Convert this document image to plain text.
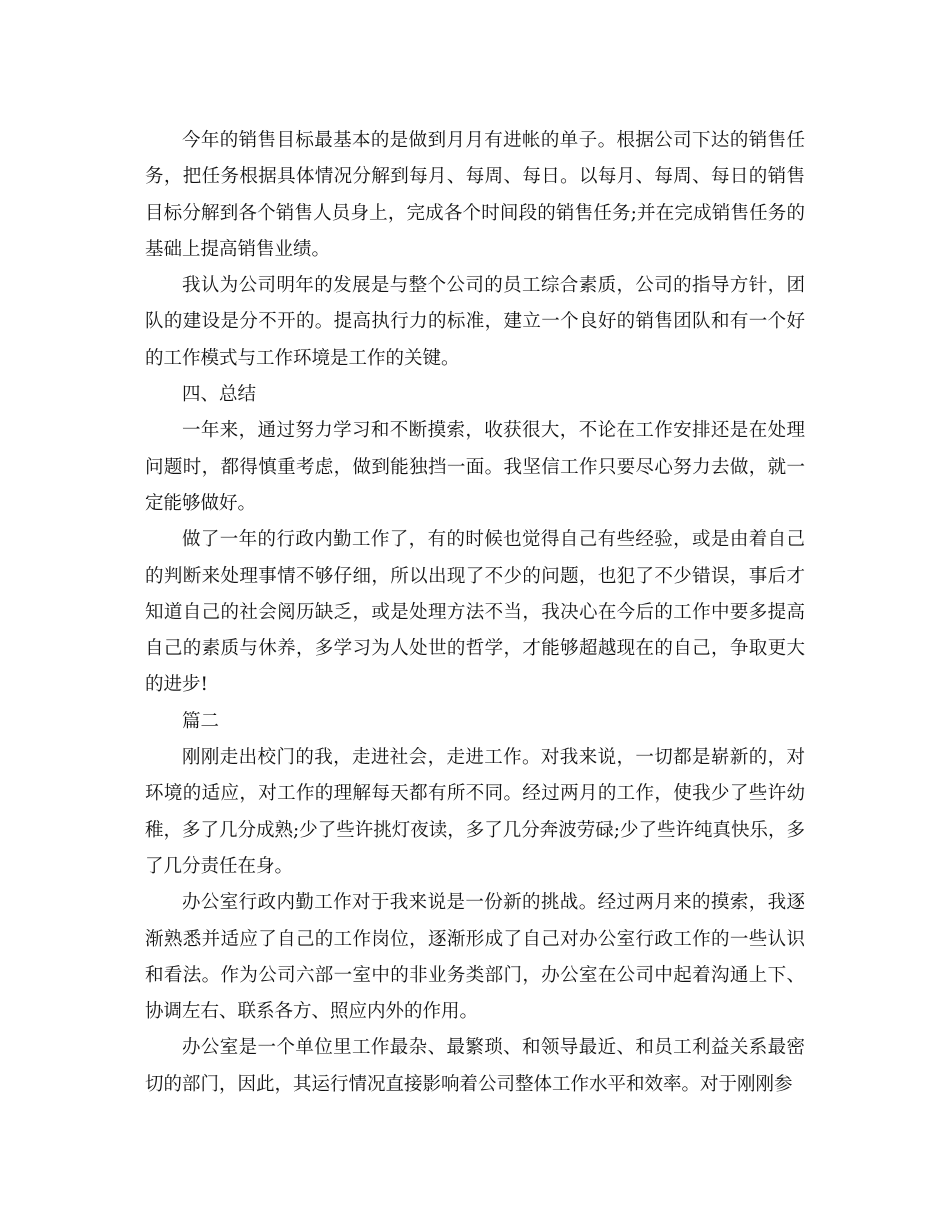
今年的销售目标最基本的是做到月月有进帐的单子。根据公司下达的销售任务，把任务根据具体情况分解到每月、每周、每日。以每月、每周、每日的销售目标分解到各个销售人员身上，完成各个时间段的销售任务;并在完成销售任务的基础上提高销售业绩。

我认为公司明年的发展是与整个公司的员工综合素质，公司的指导方针，团队的建设是分不开的。提高执行力的标准，建立一个良好的销售团队和有一个好的工作模式与工作环境是工作的关键。

四、总结

一年来，通过努力学习和不断摸索，收获很大，不论在工作安排还是在处理问题时，都得慎重考虑，做到能独挡一面。我坚信工作只要尽心努力去做，就一定能够做好。

做了一年的行政内勤工作了，有的时候也觉得自己有些经验，或是由着自己的判断来处理事情不够仔细，所以出现了不少的问题，也犯了不少错误，事后才知道自己的社会阅历缺乏，或是处理方法不当，我决心在今后的工作中要多提高自己的素质与休养，多学习为人处世的哲学，才能够超越现在的自己，争取更大的进步!

篇二

刚刚走出校门的我，走进社会，走进工作。对我来说，一切都是崭新的，对环境的适应，对工作的理解每天都有所不同。经过两月的工作，使我少了些许幼稚，多了几分成熟;少了些许挑灯夜读，多了几分奔波劳碌;少了些许纯真快乐，多了几分责任在身。

办公室行政内勤工作对于我来说是一份新的挑战。经过两月来的摸索，我逐渐熟悉并适应了自己的工作岗位，逐渐形成了自己对办公室行政工作的一些认识和看法。作为公司六部一室中的非业务类部门，办公室在公司中起着沟通上下、协调左右、联系各方、照应内外的作用。

办公室是一个单位里工作最杂、最繁琐、和领导最近、和员工利益关系最密切的部门，因此，其运行情况直接影响着公司整体工作水平和效率。对于刚刚参
